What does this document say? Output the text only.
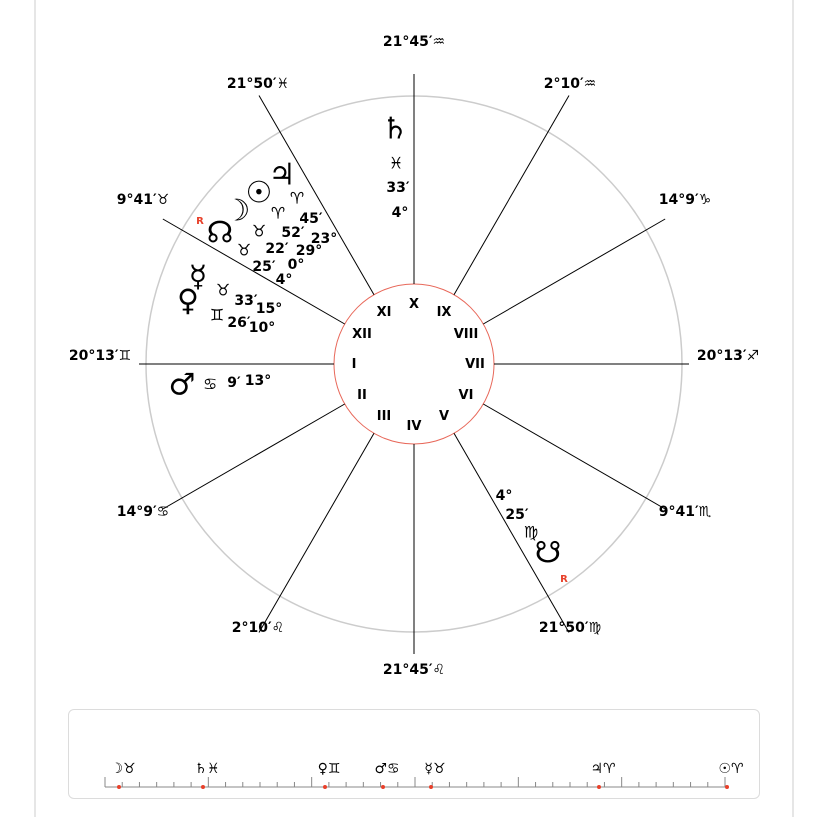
20°13′♊
I
14°9′♋
II
2°10′♌
III
21°45′♌
IV
21°50′♍
V
9°41′♏
VI
20°13′♐
VII
14°9′♑
VIII
2°10′♒
IX
21°45′♒
X
21°50′♓
XI
9°41′♉
XII
♄
♓
33′
4°
♃
♈
45′
23°
☉
♈
52′
29°
☽
♉
22′
0°
☊ ♉
25′
4°
R
☿ ♉
33′
15°
♀ ♊ 26′
10°
♂ ♋ 9′ 13°
☋
♍
25′
4°
R
☽♉	♄♓	♀♊ ♂♋ ☿♉	♃♈	☉♈
